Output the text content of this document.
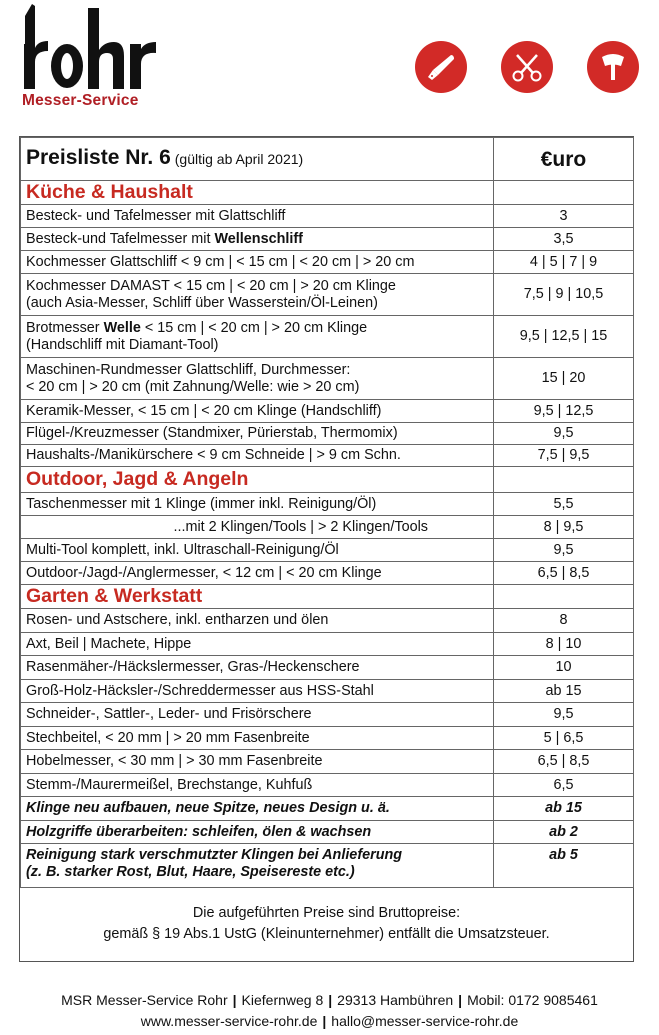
Messer-Service
Preisliste Nr. 6 (gültig ab April 2021)	€uro
Küche & Haushalt	
Besteck- und Tafelmesser mit Glattschliff	3
Besteck-und Tafelmesser mit Wellenschliff	3,5
Kochmesser Glattschliff < 9 cm | < 15 cm | < 20 cm | > 20 cm	4 | 5 | 7 | 9
Kochmesser DAMAST < 15 cm | < 20 cm | > 20 cm Klinge
(auch Asia-Messer, Schliff über Wasserstein/Öl-Leinen)	7,5 | 9 | 10,5
Brotmesser Welle < 15 cm | < 20 cm | > 20 cm Klinge
(Handschliff mit Diamant-Tool)	9,5 | 12,5 | 15
Maschinen-Rundmesser Glattschliff, Durchmesser:
< 20 cm | > 20 cm (mit Zahnung/Welle: wie > 20 cm)	15 | 20
Keramik-Messer, < 15 cm | < 20 cm Klinge (Handschliff)	9,5 | 12,5
Flügel-/Kreuzmesser (Standmixer, Pürierstab, Thermomix)	9,5
Haushalts-/Manikürschere < 9 cm Schneide | > 9 cm Schn.	7,5 | 9,5
Outdoor, Jagd & Angeln	
Taschenmesser mit 1 Klinge (immer inkl. Reinigung/Öl)	5,5
...mit 2 Klingen/Tools | > 2 Klingen/Tools	8 | 9,5
Multi-Tool komplett, inkl. Ultraschall-Reinigung/Öl	9,5
Outdoor-/Jagd-/Anglermesser, < 12 cm | < 20 cm Klinge	6,5 | 8,5
Garten & Werkstatt	
Rosen- und Astschere, inkl. entharzen und ölen	8
Axt, Beil | Machete, Hippe	8 | 10
Rasenmäher-/Häckslermesser, Gras-/Heckenschere	10
Groß-Holz-Häcksler-/Schreddermesser aus HSS-Stahl	ab 15
Schneider-, Sattler-, Leder- und Frisörschere	9,5
Stechbeitel, < 20 mm | > 20 mm Fasenbreite	5 | 6,5
Hobelmesser, < 30 mm | > 30 mm Fasenbreite	6,5 | 8,5
Stemm-/Maurermeißel, Brechstange, Kuhfuß	6,5
Klinge neu aufbauen, neue Spitze, neues Design u. ä.	ab 15
Holzgriffe überarbeiten: schleifen, ölen & wachsen	ab 2
Reinigung stark verschmutzter Klingen bei Anlieferung
(z. B. starker Rost, Blut, Haare, Speisereste etc.)	ab 5
Die aufgeführten Preise sind Bruttopreise:
gemäß § 19 Abs.1 UstG (Kleinunternehmer) entfällt die Umsatzsteuer.
MSR Messer-Service Rohr | Kiefernweg 8 | 29313 Hambühren | Mobil: 0172 9085461
www.messer-service-rohr.de | hallo@messer-service-rohr.de
